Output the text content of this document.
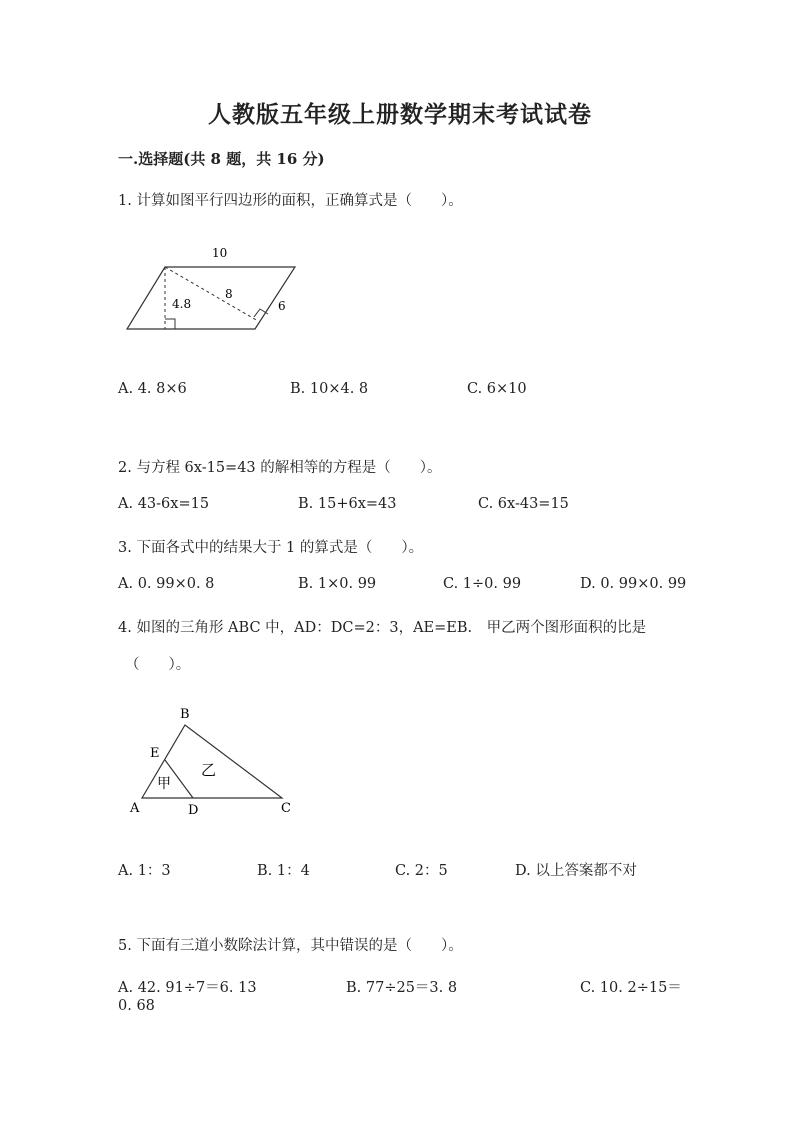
人教版五年级上册数学期末考试试卷
一.选择题(共 8 题，共 16 分)
1. 计算如图平行四边形的面积，正确算式是（　　）。
10
8
4.8	6
A. 4. 8×6	B. 10×4. 8	C. 6×10
2. 与方程 6x-15=43 的解相等的方程是（　　）。
A. 43-6x=15	B. 15+6x=43	C. 6x-43=15
3. 下面各式中的结果大于 1 的算式是（　　）。
A. 0. 99×0. 8	B. 1×0. 99	C. 1÷0. 99	D. 0. 99×0. 99
4. 如图的三角形 ABC 中，AD：DC=2：3，AE=EB.　甲乙两个图形面积的比是
（　　）。
B
E
A	D	C
甲
乙
A. 1：3	B. 1：4	C. 2：5	D. 以上答案都不对
5. 下面有三道小数除法计算，其中错误的是（　　）。
A. 42. 91÷7＝6. 13	B. 77÷25＝3. 8	C. 10. 2÷15＝
0. 68
